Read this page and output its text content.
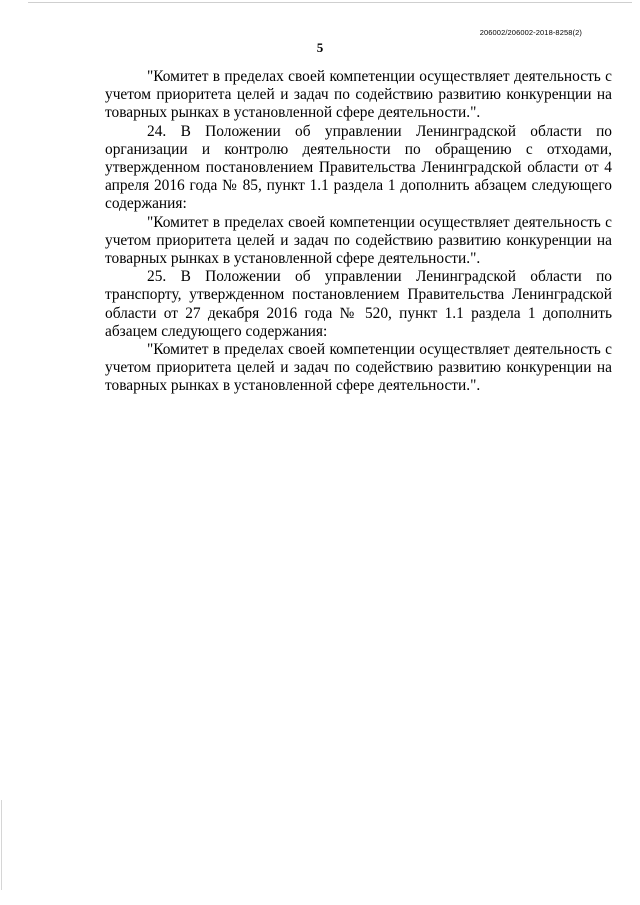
206002/206002-2018-8258(2)
5

"Комитет в пределах своей компетенции осуществляет деятельность с учетом приоритета целей и задач по содействию развитию конкуренции на товарных рынках в установленной сфере деятельности.".

24. В Положении об управлении Ленинградской области по организации и контролю деятельности по обращению с отходами, утвержденном постановлением Правительства Ленинградской области от 4 апреля 2016 года № 85, пункт 1.1 раздела 1 дополнить абзацем следующего содержания:

"Комитет в пределах своей компетенции осуществляет деятельность с учетом приоритета целей и задач по содействию развитию конкуренции на товарных рынках в установленной сфере деятельности.".

25. В Положении об управлении Ленинградской области по транспорту, утвержденном постановлением Правительства Ленинградской области от 27 декабря 2016 года № 520, пункт 1.1 раздела 1 дополнить абзацем следующего содержания:

"Комитет в пределах своей компетенции осуществляет деятельность с учетом приоритета целей и задач по содействию развитию конкуренции на товарных рынках в установленной сфере деятельности.".
